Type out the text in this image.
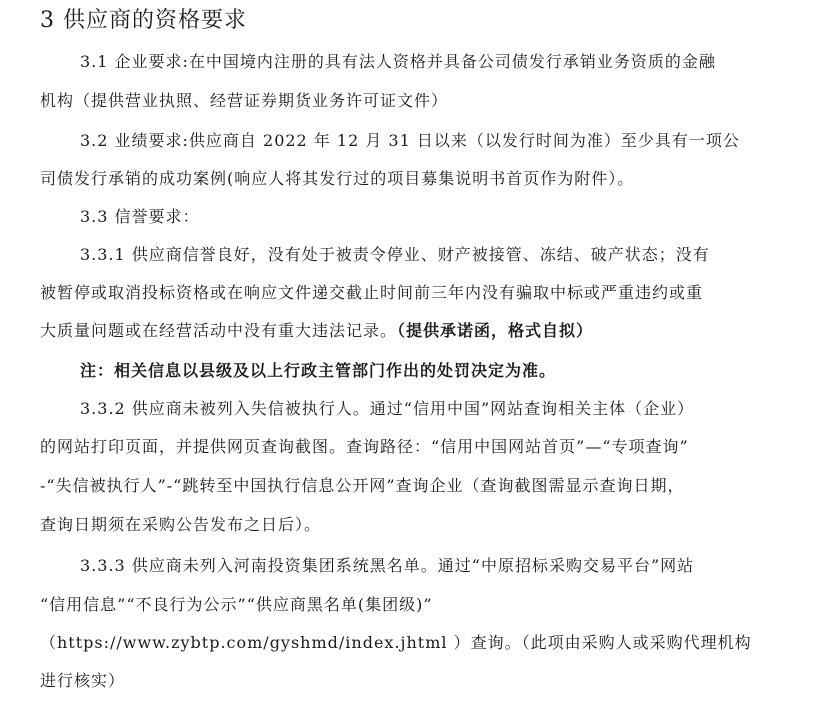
3 供应商的资格要求
3.1 企业要求:在中国境内注册的具有法人资格并具备公司债发行承销业务资质的金融
机构（提供营业执照、经营证券期货业务许可证文件）
3.2 业绩要求:供应商自 2022 年 12 月 31 日以来（以发行时间为准）至少具有一项公
司债发行承销的成功案例(响应人将其发行过的项目募集说明书首页作为附件）。
3.3 信誉要求：
3.3.1 供应商信誉良好，没有处于被责令停业、财产被接管、冻结、破产状态；没有
被暂停或取消投标资格或在响应文件递交截止时间前三年内没有骗取中标或严重违约或重
大质量问题或在经营活动中没有重大违法记录。（提供承诺函，格式自拟）
注：相关信息以县级及以上行政主管部门作出的处罚决定为准。
3.3.2 供应商未被列入失信被执行人。通过“信用中国”网站查询相关主体（企业）
的网站打印页面，并提供网页查询截图。查询路径：“信用中国网站首页”—“专项查询”
-“失信被执行人”-“跳转至中国执行信息公开网”查询企业（查询截图需显示查询日期，
查询日期须在采购公告发布之日后）。
3.3.3 供应商未列入河南投资集团系统黑名单。通过“中原招标采购交易平台”网站
“信用信息”“不良行为公示”“供应商黑名单(集团级)”
（https://www.zybtp.com/gyshmd/index.jhtml ）查询。（此项由采购人或采购代理机构
进行核实）
